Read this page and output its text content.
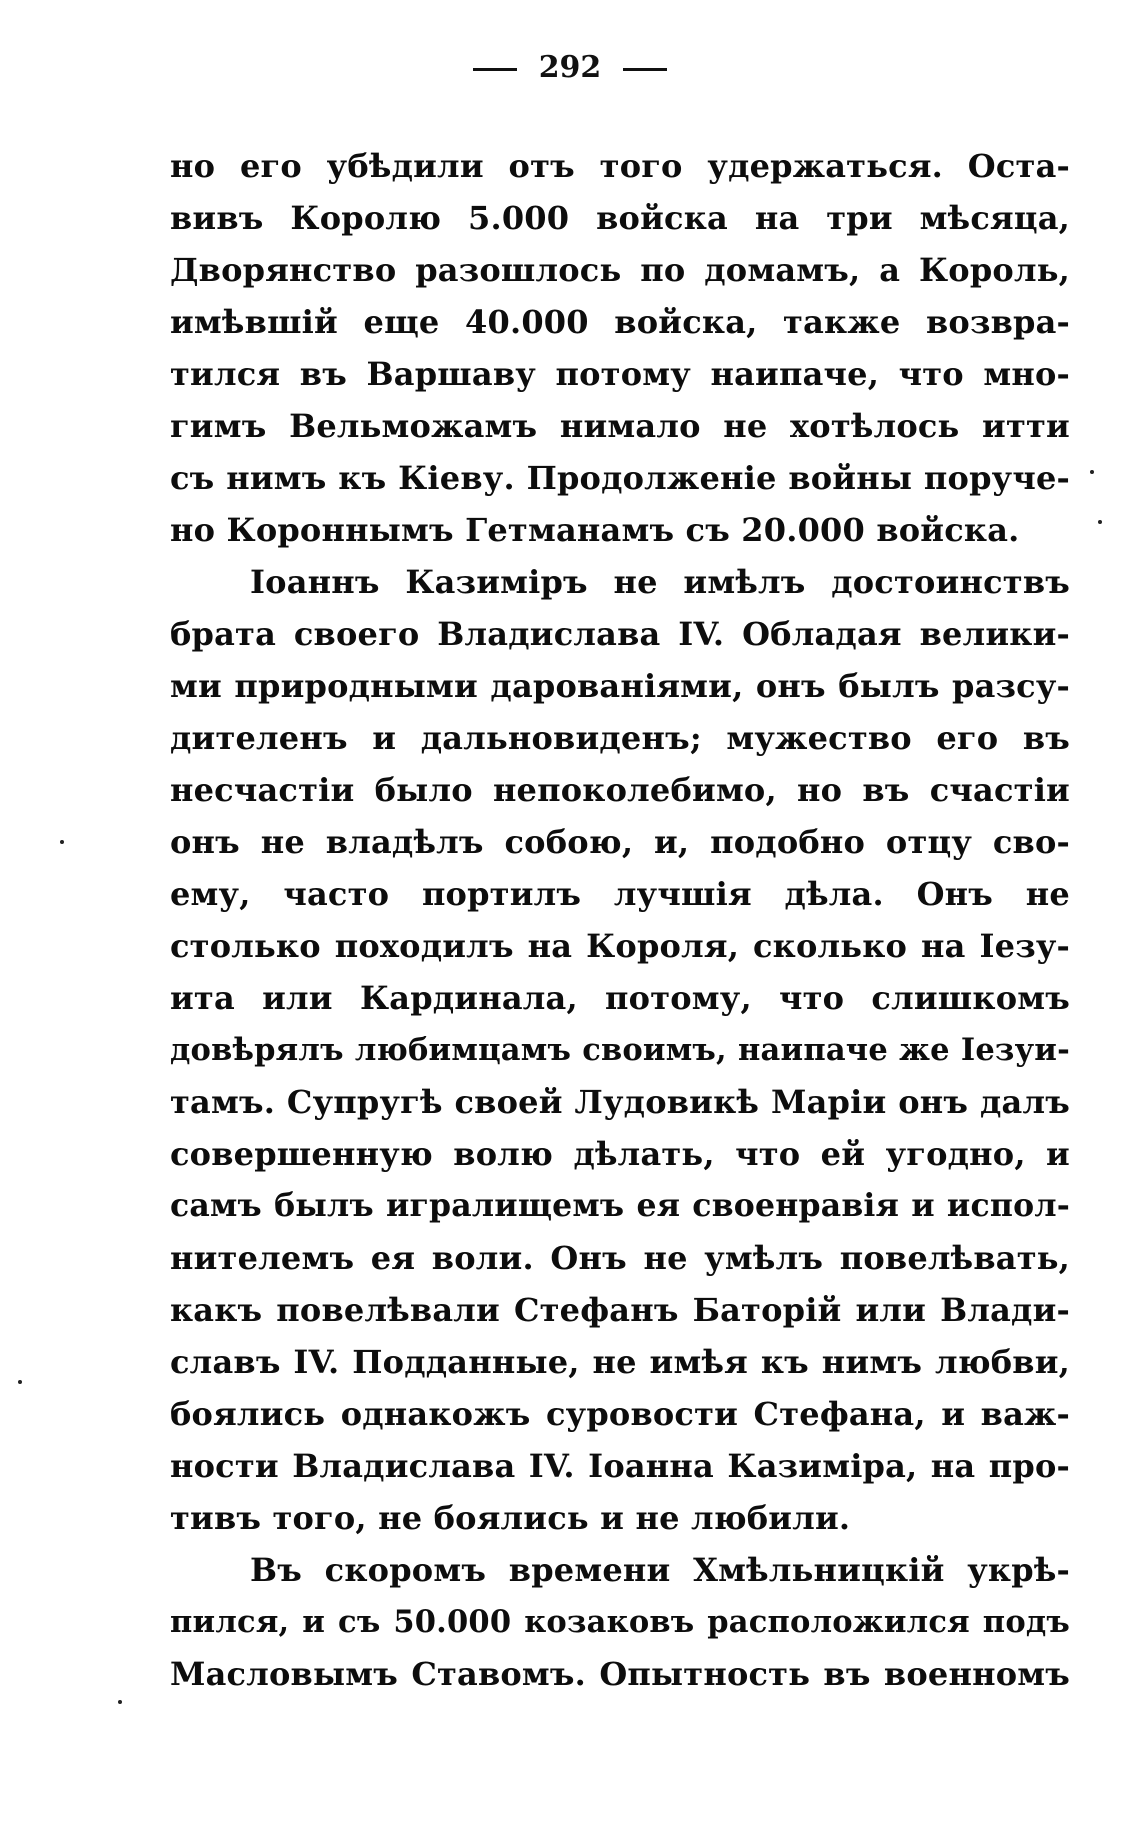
292
но его убѣдили отъ того удержаться. Оста-
вивъ Королю 5.000 войска на три мѣсяца,
Дворянство разошлось по домамъ, а Король,
имѣвшій еще 40.000 войска, также возвра-
тился въ Варшаву потому наипаче, что мно-
гимъ Вельможамъ нимало не хотѣлось итти
съ нимъ къ Кіеву. Продолженіе войны поруче-
но Короннымъ Гетманамъ съ 20.000 войска.
Іоаннъ Казиміръ не имѣлъ достоинствъ
брата своего Владислава IV. Обладая велики-
ми природными дарованіями, онъ былъ разсу-
дителенъ и дальновиденъ; мужество его въ
несчастіи было непоколебимо, но въ счастіи
онъ не владѣлъ собою, и, подобно отцу сво-
ему, часто портилъ лучшія дѣла. Онъ не
столько походилъ на Короля, сколько на Іезу-
ита или Кардинала, потому, что слишкомъ
довѣрялъ любимцамъ своимъ, наипаче же Іезуи-
тамъ. Супругѣ своей Лудовикѣ Маріи онъ далъ
совершенную волю дѣлать, что ей угодно, и
самъ былъ игралищемъ ея своенравія и испол-
нителемъ ея воли. Онъ не умѣлъ повелѣвать,
какъ повелѣвали Стефанъ Баторій или Влади-
славъ IV. Подданные, не имѣя къ нимъ любви,
боялись однакожъ суровости Стефана, и важ-
ности Владислава IV. Іоанна Казиміра, на про-
тивъ того, не боялись и не любили.
Въ скоромъ времени Хмѣльницкій укрѣ-
пился, и съ 50.000 козаковъ расположился подъ
Масловымъ Ставомъ. Опытность въ военномъ
